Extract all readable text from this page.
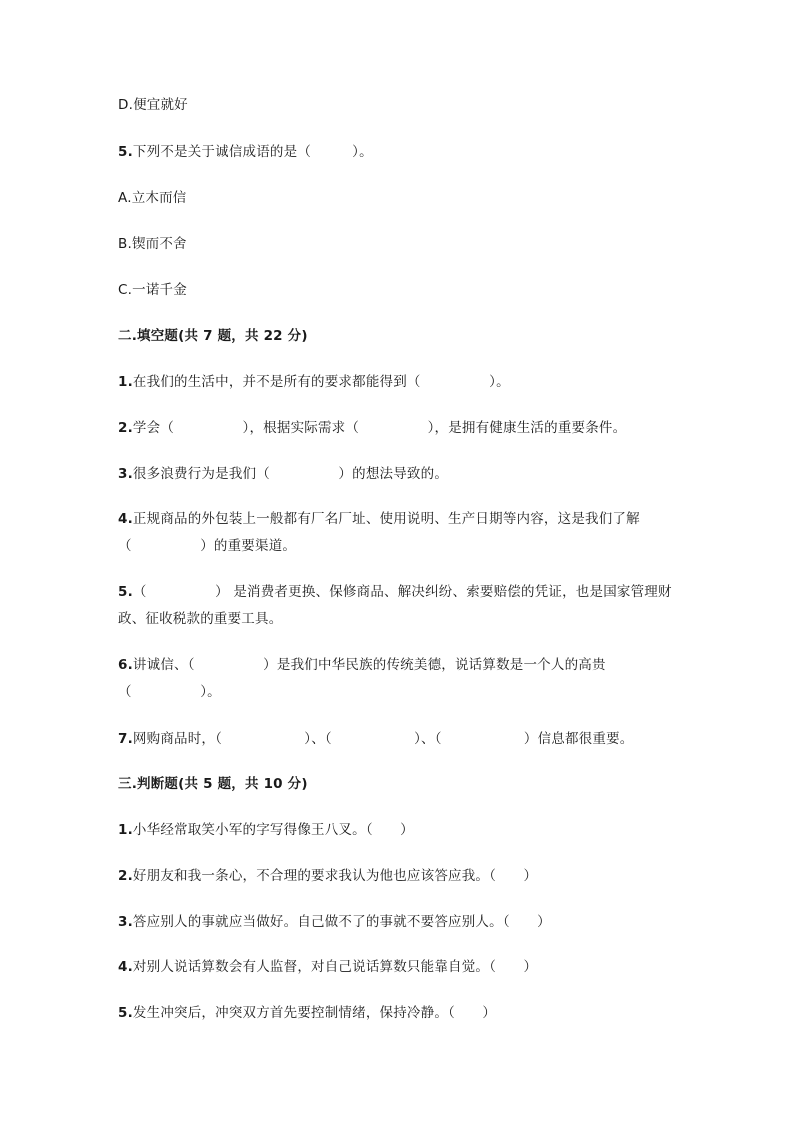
D.便宜就好
5.下列不是关于诚信成语的是（　　　）。
A.立木而信
B.锲而不舍
C.一诺千金
二.填空题(共 7 题，共 22 分)
1.在我们的生活中，并不是所有的要求都能得到（　　　　　）。
2.学会（　　　　　），根据实际需求（　　　　　），是拥有健康生活的重要条件。
3.很多浪费行为是我们（　　　　　）的想法导致的。
4.正规商品的外包装上一般都有厂名厂址、使用说明、生产日期等内容，这是我们了解
（　　　　　）的重要渠道。
5.（　　　　　） 是消费者更换、保修商品、解决纠纷、索要赔偿的凭证，也是国家管理财
政、征收税款的重要工具。
6.讲诚信、（　　　　　）是我们中华民族的传统美德，说话算数是一个人的高贵
（　　　　　）。
7.网购商品时，（　　　　　　）、（　　　　　　）、（　　　　　　）信息都很重要。
三.判断题(共 5 题，共 10 分)
1.小华经常取笑小军的字写得像王八叉。（　　）
2.好朋友和我一条心，不合理的要求我认为他也应该答应我。（　　）
3.答应别人的事就应当做好。自己做不了的事就不要答应别人。（　　）
4.对别人说话算数会有人监督，对自己说话算数只能靠自觉。（　　）
5.发生冲突后，冲突双方首先要控制情绪，保持冷静。（　　）
